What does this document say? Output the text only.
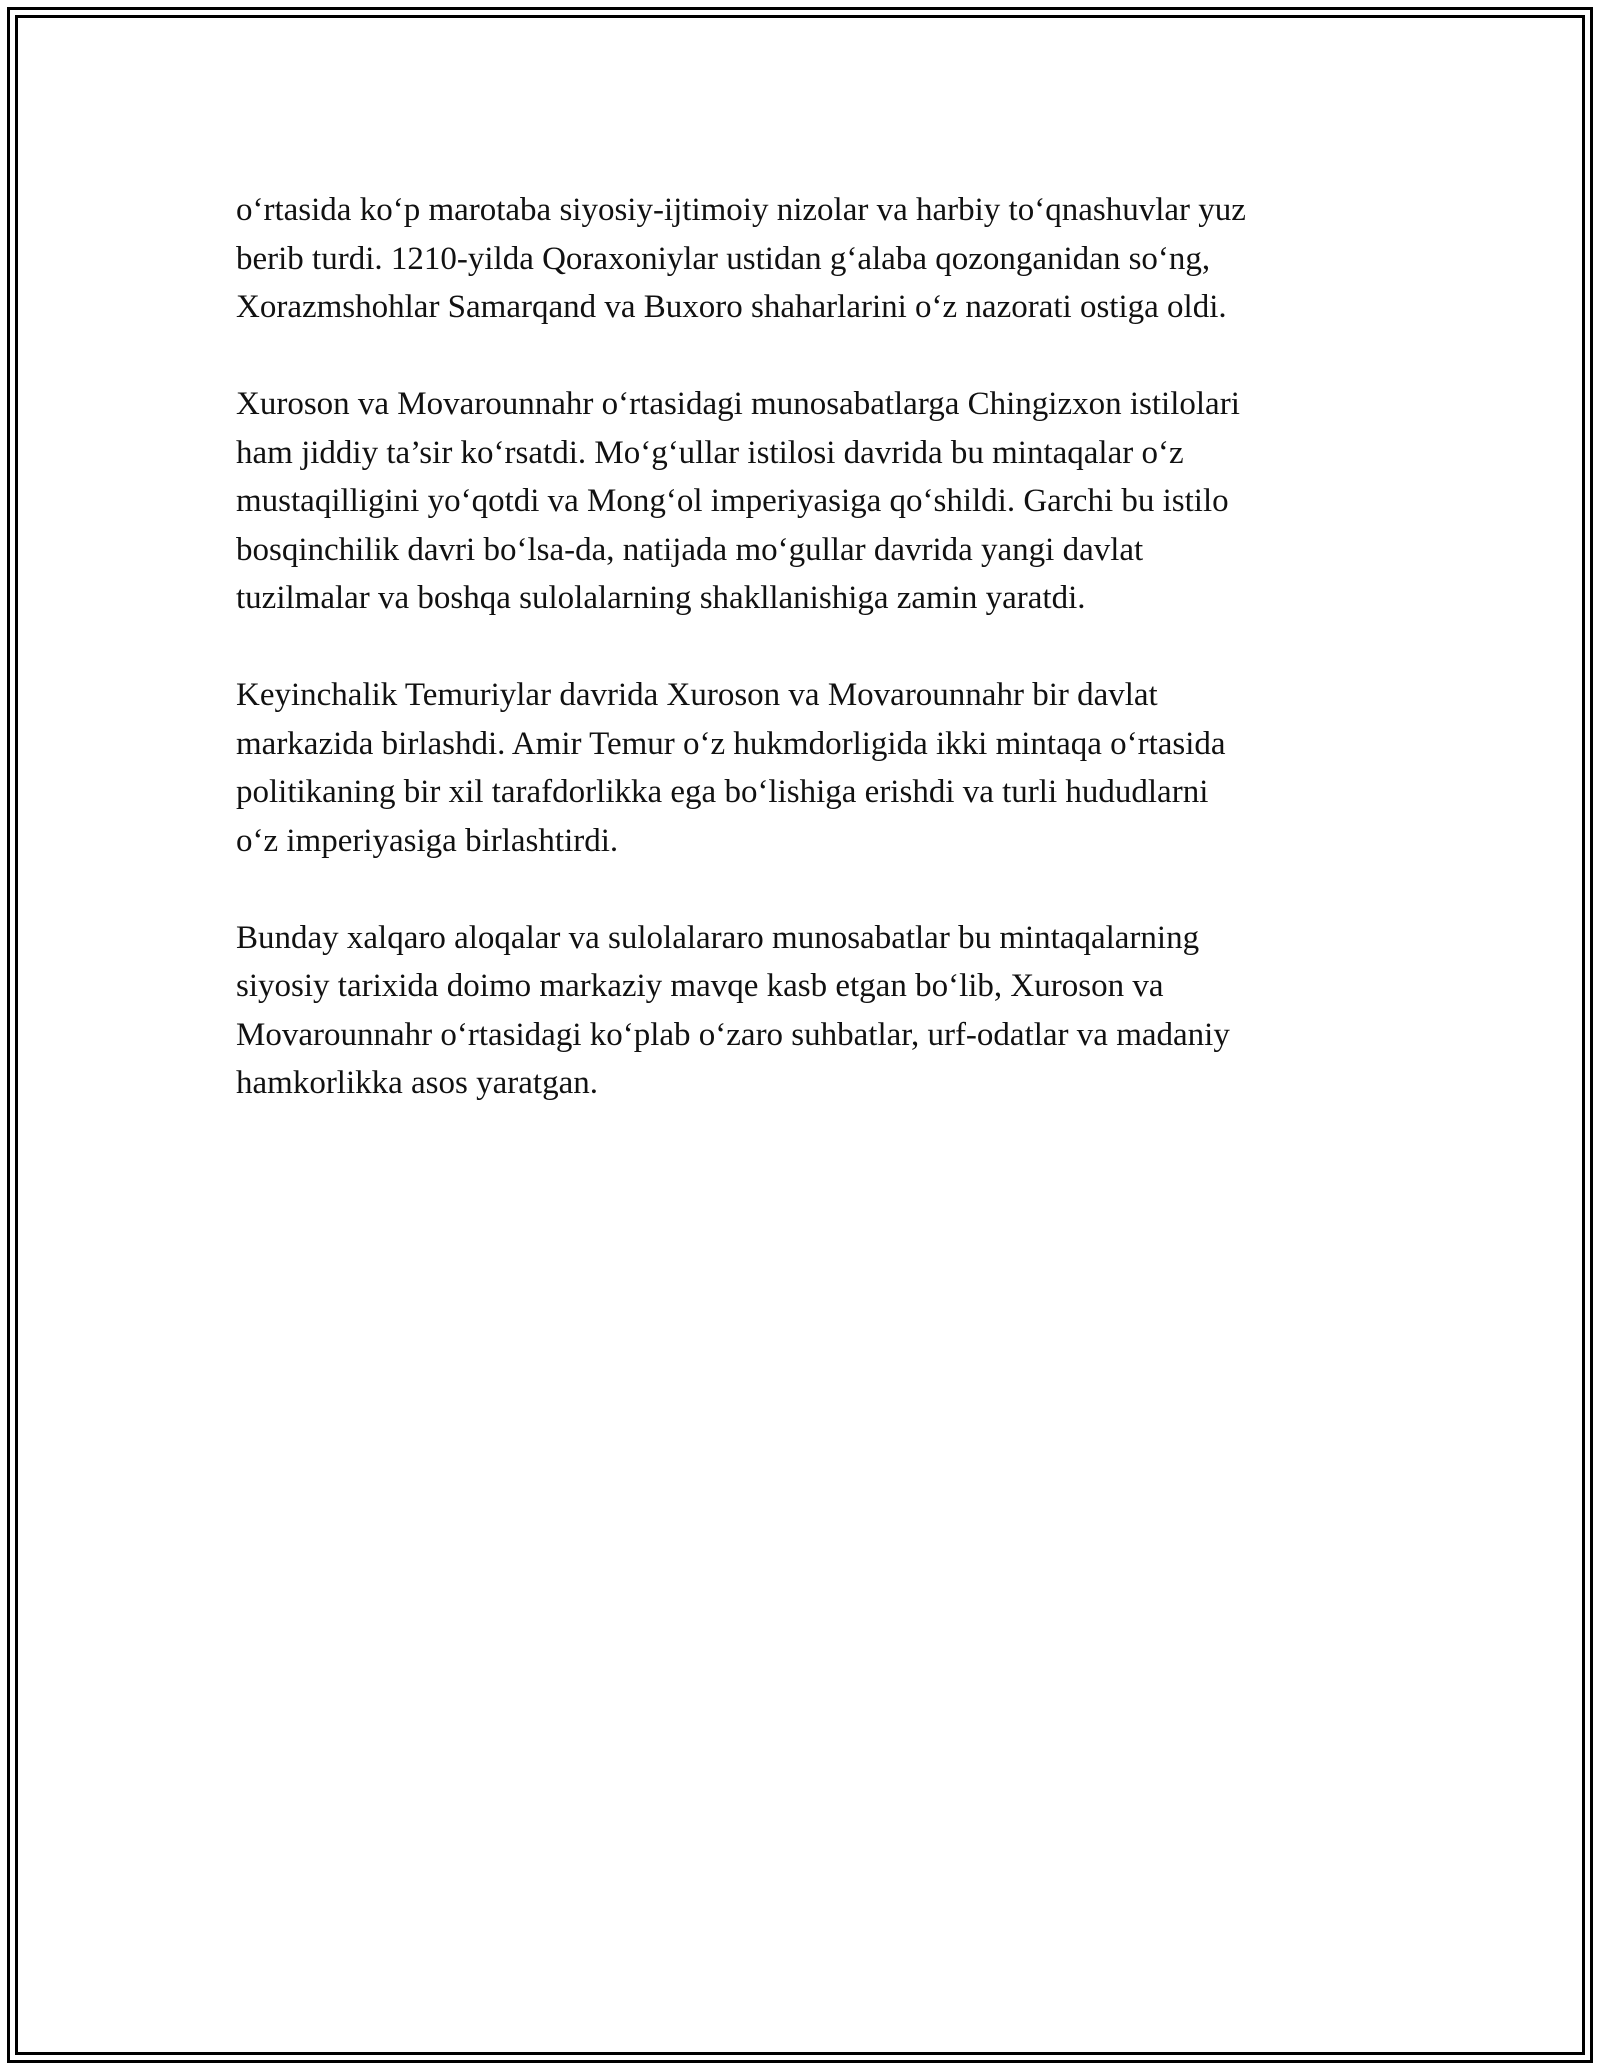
o‘rtasida ko‘p marotaba siyosiy-ijtimoiy nizolar va harbiy to‘qnashuvlar yuz
berib turdi. 1210-yilda Qoraxoniylar ustidan g‘alaba qozonganidan so‘ng,
Xorazmshohlar Samarqand va Buxoro shaharlarini o‘z nazorati ostiga oldi.

Xuroson va Movarounnahr o‘rtasidagi munosabatlarga Chingizxon istilolari
ham jiddiy ta’sir ko‘rsatdi. Mo‘g‘ullar istilosi davrida bu mintaqalar o‘z
mustaqilligini yo‘qotdi va Mong‘ol imperiyasiga qo‘shildi. Garchi bu istilo
bosqinchilik davri bo‘lsa-da, natijada mo‘gullar davrida yangi davlat
tuzilmalar va boshqa sulolalarning shakllanishiga zamin yaratdi.

Keyinchalik Temuriylar davrida Xuroson va Movarounnahr bir davlat
markazida birlashdi. Amir Temur o‘z hukmdorligida ikki mintaqa o‘rtasida
politikaning bir xil tarafdorlikka ega bo‘lishiga erishdi va turli hududlarni
o‘z imperiyasiga birlashtirdi.

Bunday xalqaro aloqalar va sulolalararo munosabatlar bu mintaqalarning
siyosiy tarixida doimo markaziy mavqe kasb etgan bo‘lib, Xuroson va
Movarounnahr o‘rtasidagi ko‘plab o‘zaro suhbatlar, urf-odatlar va madaniy
hamkorlikka asos yaratgan.
